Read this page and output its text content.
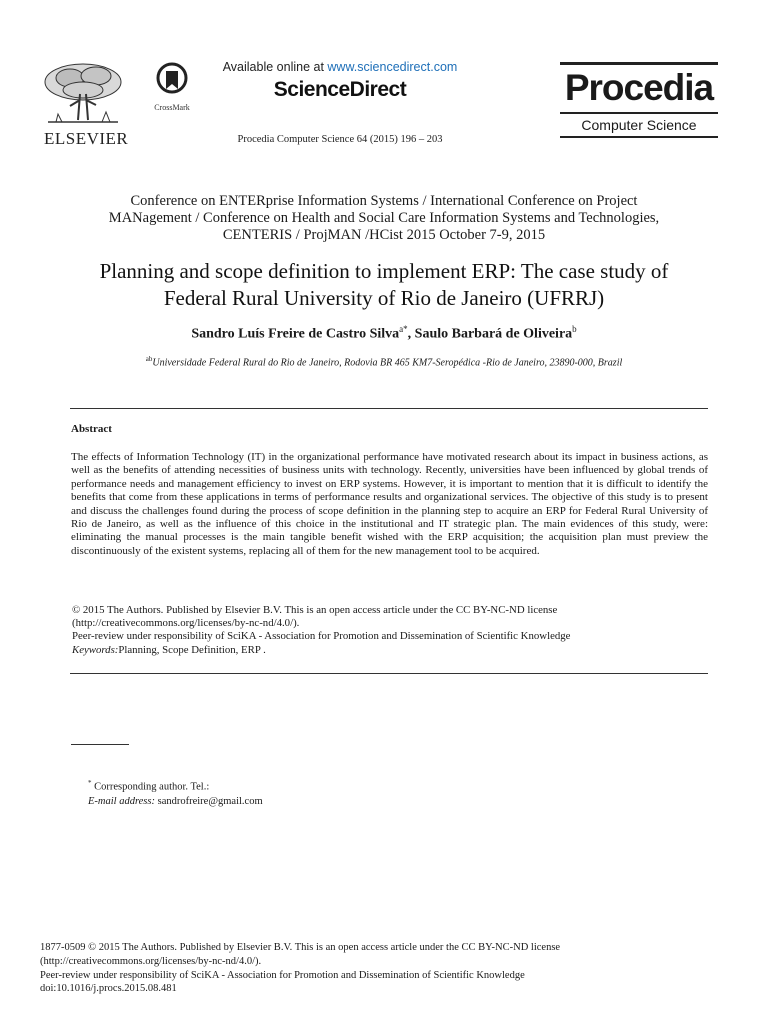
ELSEVIER
CrossMark
Available online at www.sciencedirect.com
ScienceDirect
Procedia Computer Science 64 (2015) 196 – 203
Procedia
Computer Science
Conference on ENTERprise Information Systems / International Conference on Project
MANagement / Conference on Health and Social Care Information Systems and Technologies,
CENTERIS / ProjMAN /HCist 2015 October 7-9, 2015
Planning and scope definition to implement ERP: The case study of
Federal Rural University of Rio de Janeiro (UFRRJ)
Sandro Luís Freire de Castro Silva$^{a*}$, Saulo Barbará de Oliveira$^b$
$^{ab}$Universidade Federal Rural do Rio de Janeiro, Rodovia BR 465 KM7-Seropédica -Rio de Janeiro, 23890-000, Brazil
Abstract
The effects of Information Technology (IT) in the organizational performance have motivated research about its impact in business actions, as well as the benefits of attending necessities of business units with technology. Recently, universities have been influenced by global trends of performance needs and management efficiency to invest on ERP systems. However, it is important to mention that it is difficult to identify the benefits that come from these applications in terms of performance results and organizational services. The objective of this study is to present and discuss the challenges found during the process of scope definition in the planning step to acquire an ERP for Federal Rural University of Rio de Janeiro, as well as the influence of this choice in the institutional and IT strategic plan. The main evidences of this study, were: eliminating the manual processes is the main tangible benefit wished with the ERP acquisition; the acquisition plan must preview the discontinuously of the existent systems, replacing all of them for the new management tool to be acquired.
© 2015 The Authors. Published by Elsevier B.V. This is an open access article under the CC BY-NC-ND license
(http://creativecommons.org/licenses/by-nc-nd/4.0/).
Peer-review under responsibility of SciKA - Association for Promotion and Dissemination of Scientific Knowledge
Keywords:Planning, Scope Definition, ERP .
* Corresponding author. Tel.:
E-mail address: sandrofreire@gmail.com
1877-0509 © 2015 The Authors. Published by Elsevier B.V. This is an open access article under the CC BY-NC-ND license
(http://creativecommons.org/licenses/by-nc-nd/4.0/).
Peer-review under responsibility of SciKA - Association for Promotion and Dissemination of Scientific Knowledge
doi:10.1016/j.procs.2015.08.481
